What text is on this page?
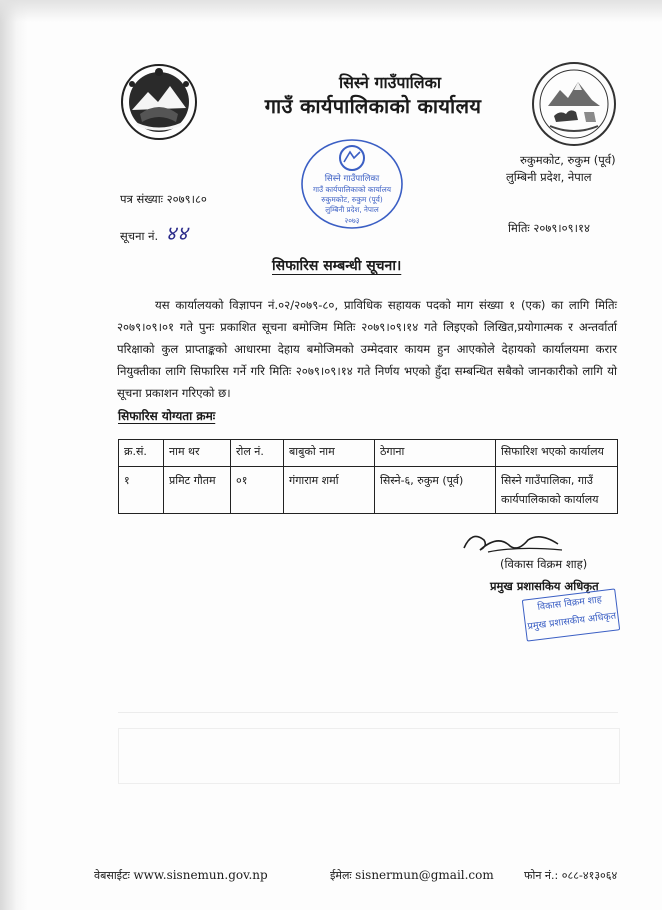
सिस्ने गाउँपालिका
गाउँ कार्यपालिकाको कार्यालय
सिस्ने गाउँपालिका
गाउँ कार्यपालिकाको कार्यालय
रुकुमकोट, रुकुम (पूर्व)
लुम्बिनी प्रदेश, नेपाल
२०७३
रुकुमकोट, रुकुम (पूर्व)
लुम्बिनी प्रदेश, नेपाल
पत्र संख्याः २०७९।८०
सूचना नं. ४४	मितिः २०७९।०९।१४
सिफारिस सम्बन्धी सूचना।
यस कार्यालयको विज्ञापन नं.०२/२०७९-८०, प्राविधिक सहायक पदको माग संख्या १ (एक) का लागि मितिः २०७९।०९।०१ गते पुनः प्रकाशित सूचना बमोजिम मितिः २०७९।०९।१४ गते लिइएको लिखित,प्रयोगात्मक र अन्तर्वार्ता परिक्षाको कुल प्राप्ताङ्कको आधारमा देहाय बमोजिमको उम्मेदवार कायम हुन आएकोले देहायको कार्यालयमा करार नियुक्तीका लागि सिफारिस गर्ने गरि मितिः २०७९।०९।१४ गते निर्णय भएको हुँदा सम्बन्धित सबैको जानकारीको लागि यो सूचना प्रकाशन गरिएको छ।
सिफारिस योग्यता क्रमः
क्र.सं.	नाम थर	रोल नं.	बाबुको नाम	ठेगाना	सिफारिश भएको कार्यालय
१	प्रमिट गौतम	०१	गंगाराम शर्मा	सिस्ने-६, रुकुम (पूर्व)	सिस्ने गाउँपालिका, गाउँ कार्यपालिकाको कार्यालय
(विकास विक्रम शाह)
प्रमुख प्रशासकिय अधिकृत
विकास विक्रम शाह
प्रमुख प्रशासकीय अधिकृत
वेबसाईटः www.sisnemun.gov.np	ईमेलः sisnermun@gmail.com	फोन नं.: ०८८-४१३०६४
